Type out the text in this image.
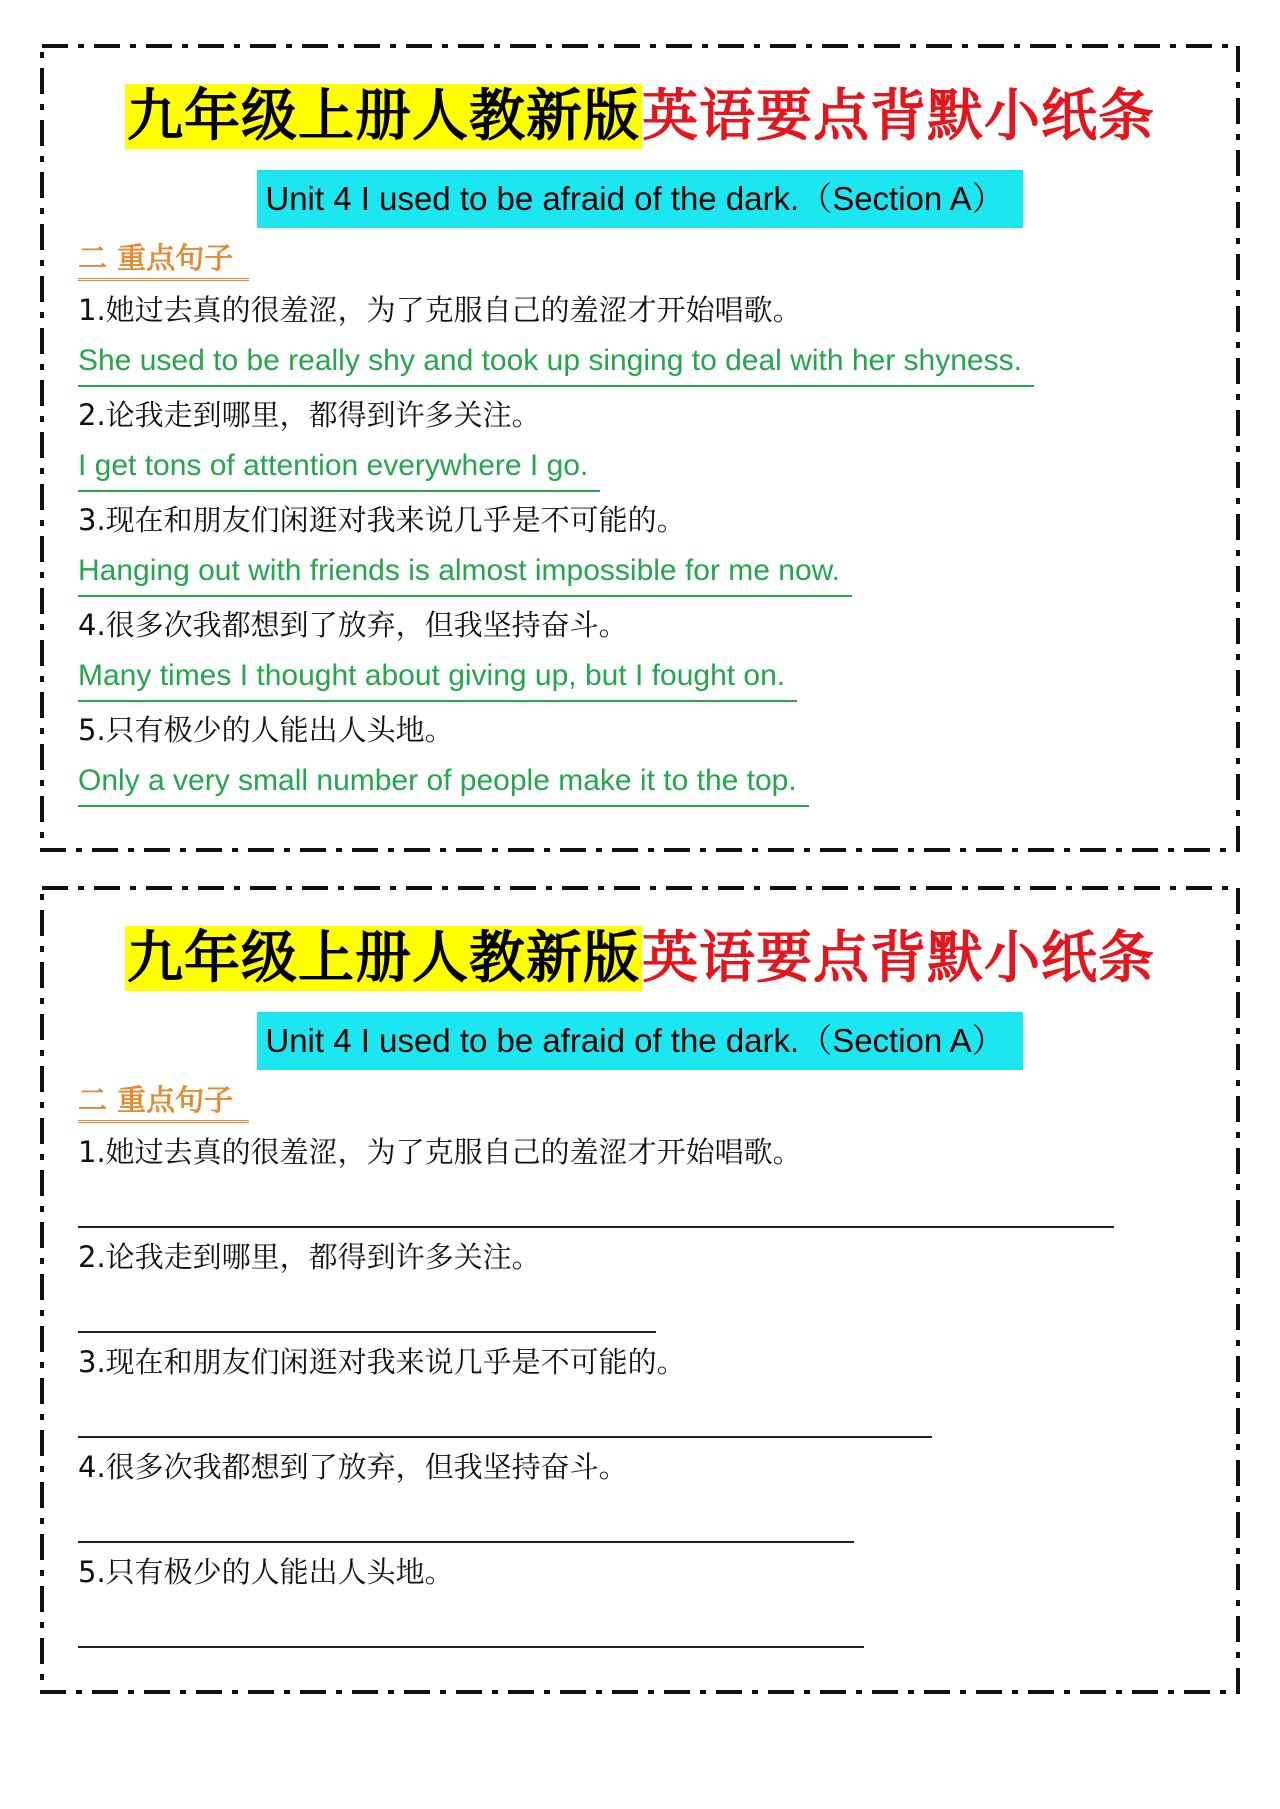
九年级上册人教新版英语要点背默小纸条
Unit 4 I used to be afraid of the dark.（Section A）
二 重点句子
1.她过去真的很羞涩，为了克服自己的羞涩才开始唱歌。
She used to be really shy and took up singing to deal with her shyness.
2.论我走到哪里，都得到许多关注。
I get tons of attention everywhere I go.
3.现在和朋友们闲逛对我来说几乎是不可能的。
Hanging out with friends is almost impossible for me now.
4.很多次我都想到了放弃，但我坚持奋斗。
Many times I thought about giving up, but I fought on.
5.只有极少的人能出人头地。
Only a very small number of people make it to the top.
九年级上册人教新版英语要点背默小纸条
Unit 4 I used to be afraid of the dark.（Section A）
二 重点句子
1.她过去真的很羞涩，为了克服自己的羞涩才开始唱歌。
2.论我走到哪里，都得到许多关注。
3.现在和朋友们闲逛对我来说几乎是不可能的。
4.很多次我都想到了放弃，但我坚持奋斗。
5.只有极少的人能出人头地。
